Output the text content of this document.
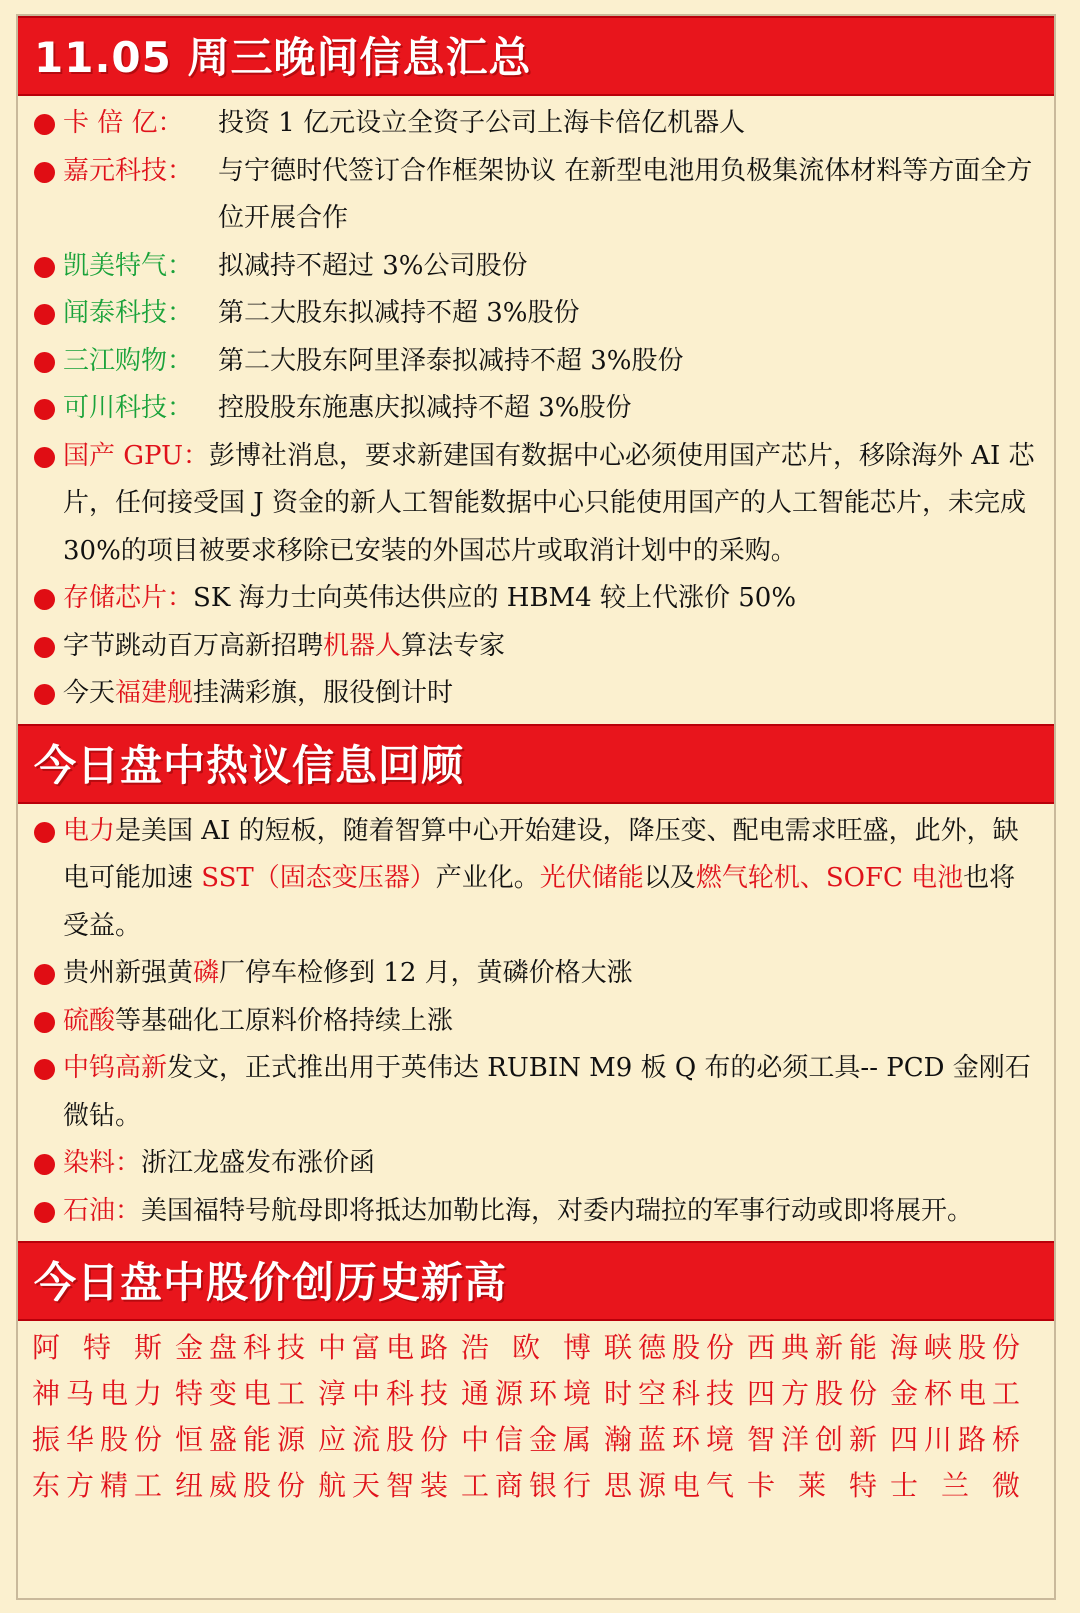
11.05 周三晚间信息汇总
卡 倍 亿：	投资 1 亿元设立全资子公司上海卡倍亿机器人
嘉元科技： 与宁德时代签订合作框架协议 在新型电池用负极集流体材料等方面全方位开展合作
凯美特气： 拟减持不超过 3%公司股份
闻泰科技： 第二大股东拟减持不超 3%股份
三江购物： 第二大股东阿里泽泰拟减持不超 3%股份
可川科技： 控股股东施惠庆拟减持不超 3%股份
国产 GPU：彭博社消息，要求新建国有数据中心必须使用国产芯片，移除海外 AI 芯片，任何接受国 J 资金的新人工智能数据中心只能使用国产的人工智能芯片，未完成 30%的项目被要求移除已安装的外国芯片或取消计划中的采购。
存储芯片：SK 海力士向英伟达供应的 HBM4 较上代涨价 50%
字节跳动百万高新招聘机器人算法专家
今天福建舰挂满彩旗，服役倒计时
今日盘中热议信息回顾
电力是美国 AI 的短板，随着智算中心开始建设，降压变、配电需求旺盛，此外，缺电可能加速 SST（固态变压器）产业化。光伏储能以及燃气轮机、SOFC 电池也将受益。
贵州新强黄磷厂停车检修到 12 月，黄磷价格大涨
硫酸等基础化工原料价格持续上涨
中钨高新发文，正式推出用于英伟达 RUBIN M9 板 Q 布的必须工具-- PCD 金刚石微钻。
染料：浙江龙盛发布涨价函
石油：美国福特号航母即将抵达加勒比海，对委内瑞拉的军事行动或即将展开。
今日盘中股价创历史新高
阿特斯 金盘科技 中富电路 浩欧博 联德股份 西典新能 海峡股份
神马电力 特变电工 淳中科技 通源环境 时空科技 四方股份 金杯电工
振华股份 恒盛能源 应流股份 中信金属 瀚蓝环境 智洋创新 四川路桥
东方精工 纽威股份 航天智装 工商银行 思源电气 卡莱特 士兰微
